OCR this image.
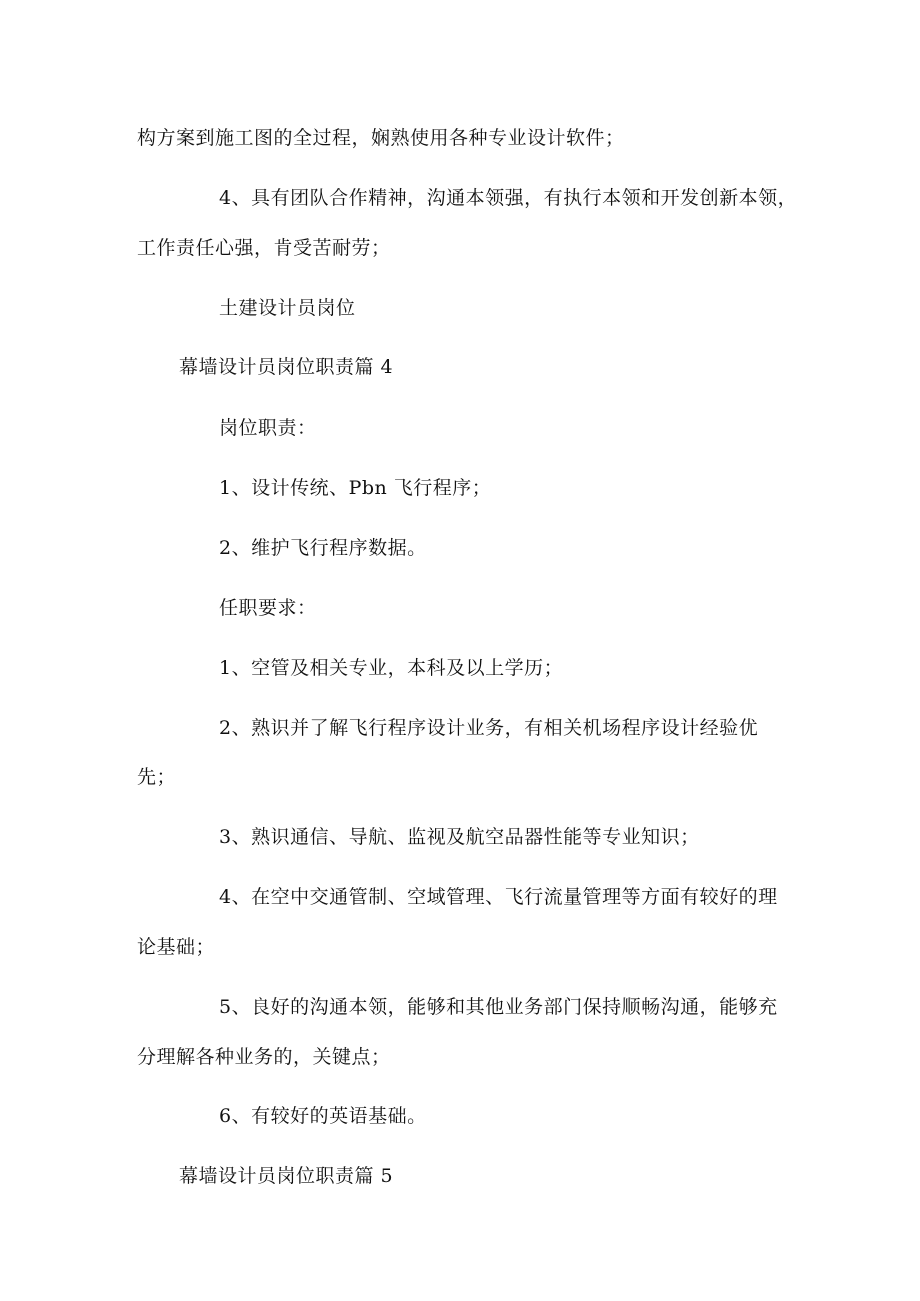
构方案到施工图的全过程，娴熟使用各种专业设计软件；
4、具有团队合作精神，沟通本领强，有执行本领和开发创新本领，
工作责任心强，肯受苦耐劳；
土建设计员岗位
幕墙设计员岗位职责篇 4
岗位职责：
1、设计传统、Pbn 飞行程序；
2、维护飞行程序数据。
任职要求：
1、空管及相关专业，本科及以上学历；
2、熟识并了解飞行程序设计业务，有相关机场程序设计经验优
先；
3、熟识通信、导航、监视及航空品器性能等专业知识；
4、在空中交通管制、空域管理、飞行流量管理等方面有较好的理
论基础；
5、良好的沟通本领，能够和其他业务部门保持顺畅沟通，能够充
分理解各种业务的，关键点；
6、有较好的英语基础。
幕墙设计员岗位职责篇 5
